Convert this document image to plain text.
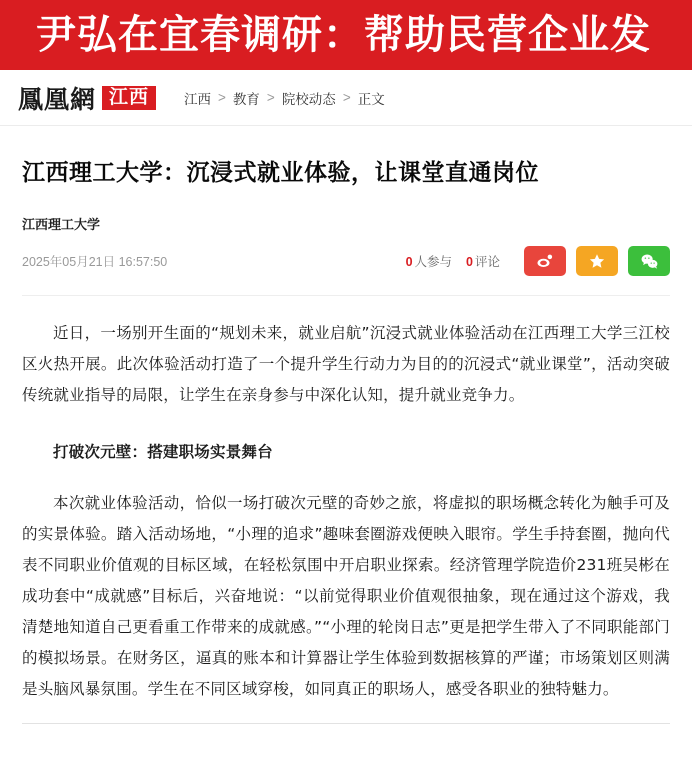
尹弘在宜春调研：帮助民营企业发
鳳凰網 江西	江西 > 教育 > 院校动态 > 正文
江西理工大学：沉浸式就业体验，让课堂直通岗位
江西理工大学
2025年05月21日 16:57:50	0 人参与 0 评论

近日，一场别开生面的“规划未来，就业启航”沉浸式就业体验活动在江西理工大学三江校区火热开展。此次体验活动打造了一个提升学生行动力为目的的沉浸式“就业课堂”，活动突破传统就业指导的局限，让学生在亲身参与中深化认知，提升就业竞争力。

打破次元壁：搭建职场实景舞台

本次就业体验活动，恰似一场打破次元壁的奇妙之旅，将虚拟的职场概念转化为触手可及的实景体验。踏入活动场地，“小理的追求”趣味套圈游戏便映入眼帘。学生手持套圈，抛向代表不同职业价值观的目标区域，在轻松氛围中开启职业探索。经济管理学院造价231班吴彬在成功套中“成就感”目标后，兴奋地说：“以前觉得职业价值观很抽象，现在通过这个游戏，我清楚地知道自己更看重工作带来的成就感。”“小理的轮岗日志”更是把学生带入了不同职能部门的模拟场景。在财务区，逼真的账本和计算器让学生体验到数据核算的严谨；市场策划区则满是头脑风暴氛围。学生在不同区域穿梭，如同真正的职场人，感受各职业的独特魅力。
